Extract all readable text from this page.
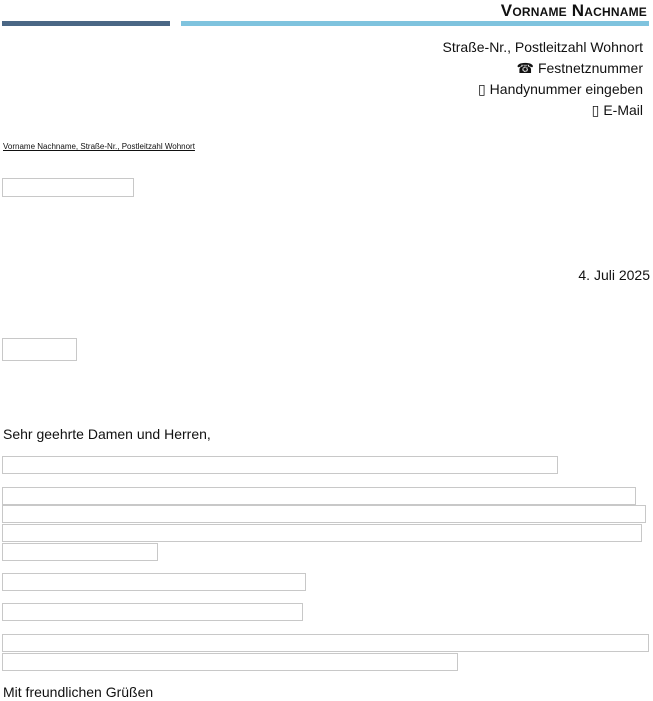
Vorname Nachname
Straße-Nr., Postleitzahl Wohnort
☎ Festnetznummer
▯ Handynummer eingeben
▯ E-Mail
Vorname Nachname, Straße-Nr., Postleitzahl Wohnort
4. Juli 2025
Sehr geehrte Damen und Herren,
Mit freundlichen Grüßen
